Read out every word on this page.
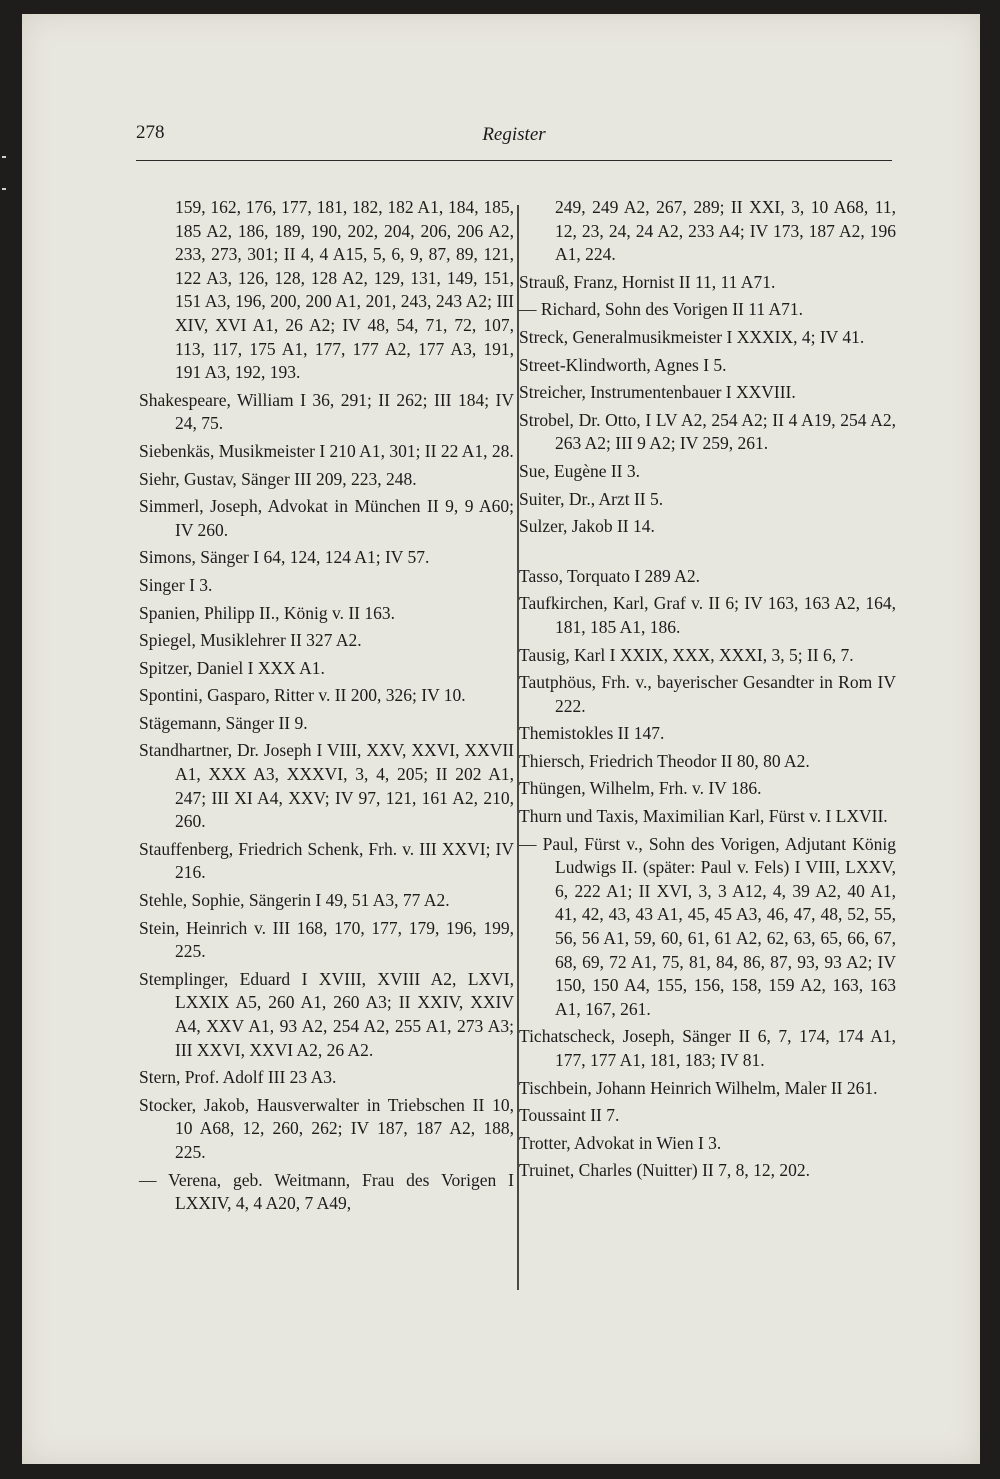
278	Register

159, 162, 176, 177, 181, 182, 182 A1, 184, 185, 185 A2, 186, 189, 190, 202, 204, 206, 206 A2, 233, 273, 301; II 4, 4 A15, 5, 6, 9, 87, 89, 121, 122 A3, 126, 128, 128 A2, 129, 131, 149, 151, 151 A3, 196, 200, 200 A1, 201, 243, 243 A2; III XIV, XVI A1, 26 A2; IV 48, 54, 71, 72, 107, 113, 117, 175 A1, 177, 177 A2, 177 A3, 191, 191 A3, 192, 193.

Shakespeare, William I 36, 291; II 262; III 184; IV 24, 75.

Siebenkäs, Musikmeister I 210 A1, 301; II 22 A1, 28.

Siehr, Gustav, Sänger III 209, 223, 248.

Simmerl, Joseph, Advokat in München II 9, 9 A60; IV 260.

Simons, Sänger I 64, 124, 124 A1; IV 57.

Singer I 3.

Spanien, Philipp II., König v. II 163.

Spiegel, Musiklehrer II 327 A2.

Spitzer, Daniel I XXX A1.

Spontini, Gasparo, Ritter v. II 200, 326; IV 10.

Stägemann, Sänger II 9.

Standhartner, Dr. Joseph I VIII, XXV, XXVI, XXVII A1, XXX A3, XXXVI, 3, 4, 205; II 202 A1, 247; III XI A4, XXV; IV 97, 121, 161 A2, 210, 260.

Stauffenberg, Friedrich Schenk, Frh. v. III XXVI; IV 216.

Stehle, Sophie, Sängerin I 49, 51 A3, 77 A2.

Stein, Heinrich v. III 168, 170, 177, 179, 196, 199, 225.

Stemplinger, Eduard I XVIII, XVIII A2, LXVI, LXXIX A5, 260 A1, 260 A3; II XXIV, XXIV A4, XXV A1, 93 A2, 254 A2, 255 A1, 273 A3; III XXVI, XXVI A2, 26 A2.

Stern, Prof. Adolf III 23 A3.

Stocker, Jakob, Hausverwalter in Triebschen II 10, 10 A68, 12, 260, 262; IV 187, 187 A2, 188, 225.

— Verena, geb. Weitmann, Frau des Vorigen I LXXIV, 4, 4 A20, 7 A49,

249, 249 A2, 267, 289; II XXI, 3, 10 A68, 11, 12, 23, 24, 24 A2, 233 A4; IV 173, 187 A2, 196 A1, 224.

Strauß, Franz, Hornist II 11, 11 A71.

— Richard, Sohn des Vorigen II 11 A71.

Streck, Generalmusikmeister I XXXIX, 4; IV 41.

Street-Klindworth, Agnes I 5.

Streicher, Instrumentenbauer I XXVIII.

Strobel, Dr. Otto, I LV A2, 254 A2; II 4 A19, 254 A2, 263 A2; III 9 A2; IV 259, 261.

Sue, Eugène II 3.

Suiter, Dr., Arzt II 5.

Sulzer, Jakob II 14.

Tasso, Torquato I 289 A2.

Taufkirchen, Karl, Graf v. II 6; IV 163, 163 A2, 164, 181, 185 A1, 186.

Tausig, Karl I XXIX, XXX, XXXI, 3, 5; II 6, 7.

Tautphöus, Frh. v., bayerischer Gesandter in Rom IV 222.

Themistokles II 147.

Thiersch, Friedrich Theodor II 80, 80 A2.

Thüngen, Wilhelm, Frh. v. IV 186.

Thurn und Taxis, Maximilian Karl, Fürst v. I LXVII.

— Paul, Fürst v., Sohn des Vorigen, Adjutant König Ludwigs II. (später: Paul v. Fels) I VIII, LXXV, 6, 222 A1; II XVI, 3, 3 A12, 4, 39 A2, 40 A1, 41, 42, 43, 43 A1, 45, 45 A3, 46, 47, 48, 52, 55, 56, 56 A1, 59, 60, 61, 61 A2, 62, 63, 65, 66, 67, 68, 69, 72 A1, 75, 81, 84, 86, 87, 93, 93 A2; IV 150, 150 A4, 155, 156, 158, 159 A2, 163, 163 A1, 167, 261.

Tichatscheck, Joseph, Sänger II 6, 7, 174, 174 A1, 177, 177 A1, 181, 183; IV 81.

Tischbein, Johann Heinrich Wilhelm, Maler II 261.

Toussaint II 7.

Trotter, Advokat in Wien I 3.

Truinet, Charles (Nuitter) II 7, 8, 12, 202.
